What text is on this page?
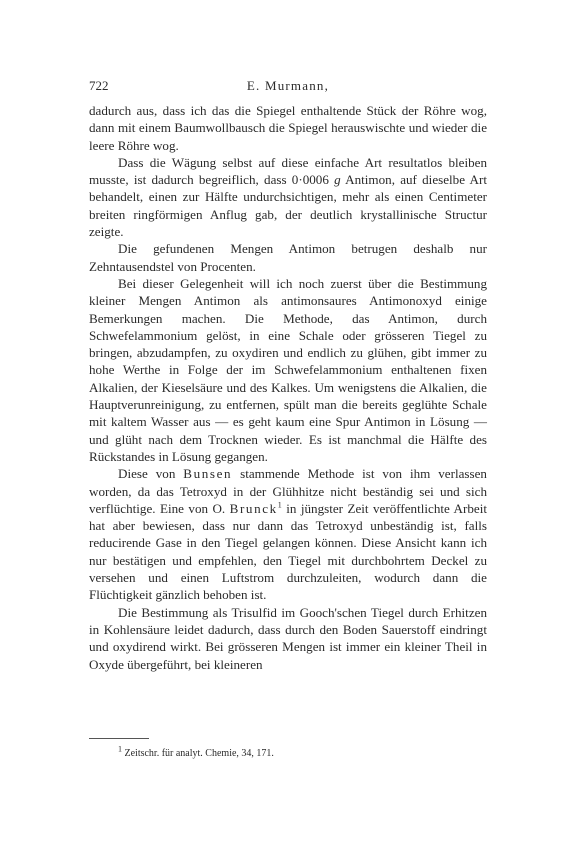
722	E. Murmann,

dadurch aus, dass ich das die Spiegel enthaltende Stück der Röhre wog, dann mit einem Baumwollbausch die Spiegel herauswischte und wieder die leere Röhre wog.

Dass die Wägung selbst auf diese einfache Art resultatlos bleiben musste, ist dadurch begreiflich, dass 0·0006 g Antimon, auf dieselbe Art behandelt, einen zur Hälfte undurchsichtigen, mehr als einen Centimeter breiten ringförmigen Anflug gab, der deutlich krystallinische Structur zeigte.

Die gefundenen Mengen Antimon betrugen deshalb nur Zehntausendstel von Procenten.

Bei dieser Gelegenheit will ich noch zuerst über die Bestimmung kleiner Mengen Antimon als antimonsaures Antimonoxyd einige Bemerkungen machen. Die Methode, das Antimon, durch Schwefelammonium gelöst, in eine Schale oder grösseren Tiegel zu bringen, abzudampfen, zu oxydiren und endlich zu glühen, gibt immer zu hohe Werthe in Folge der im Schwefelammonium enthaltenen fixen Alkalien, der Kieselsäure und des Kalkes. Um wenigstens die Alkalien, die Hauptverunreinigung, zu entfernen, spült man die bereits geglühte Schale mit kaltem Wasser aus — es geht kaum eine Spur Antimon in Lösung — und glüht nach dem Trocknen wieder. Es ist manchmal die Hälfte des Rückstandes in Lösung gegangen.

Diese von Bunsen stammende Methode ist von ihm verlassen worden, da das Tetroxyd in der Glühhitze nicht beständig sei und sich verflüchtige. Eine von O. Brunck$^1$ in jüngster Zeit veröffentlichte Arbeit hat aber bewiesen, dass nur dann das Tetroxyd unbeständig ist, falls reducirende Gase in den Tiegel gelangen können. Diese Ansicht kann ich nur bestätigen und empfehlen, den Tiegel mit durchbohrtem Deckel zu versehen und einen Luftstrom durchzuleiten, wodurch dann die Flüchtigkeit gänzlich behoben ist.

Die Bestimmung als Trisulfid im Gooch'schen Tiegel durch Erhitzen in Kohlensäure leidet dadurch, dass durch den Boden Sauerstoff eindringt und oxydirend wirkt. Bei grösseren Mengen ist immer ein kleiner Theil in Oxyde übergeführt, bei kleineren

$^1$ Zeitschr. für analyt. Chemie, 34, 171.
